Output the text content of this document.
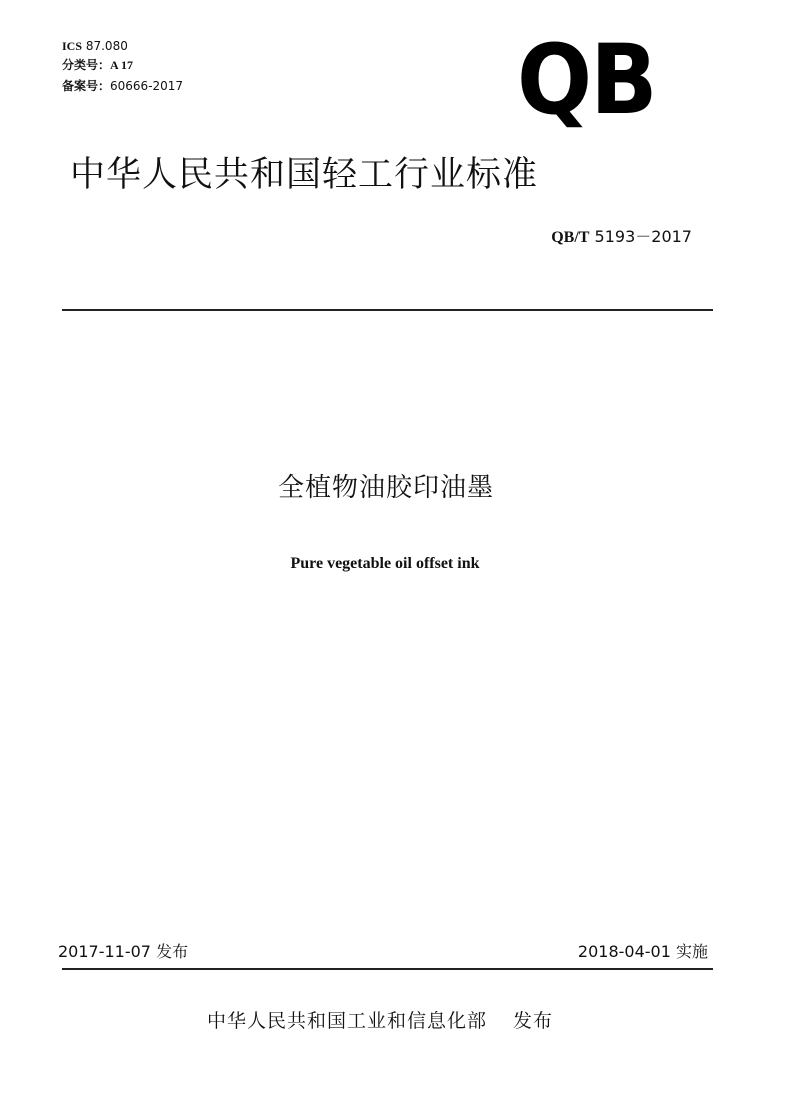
ICS 87.080
分类号：A 17
备案号：60666-2017	QB
中华人民共和国轻工行业标准
QB/T 5193－2017
全植物油胶印油墨
Pure vegetable oil offset ink
2017-11-07 发布	2018-04-01 实施
中华人民共和国工业和信息化部 发布
